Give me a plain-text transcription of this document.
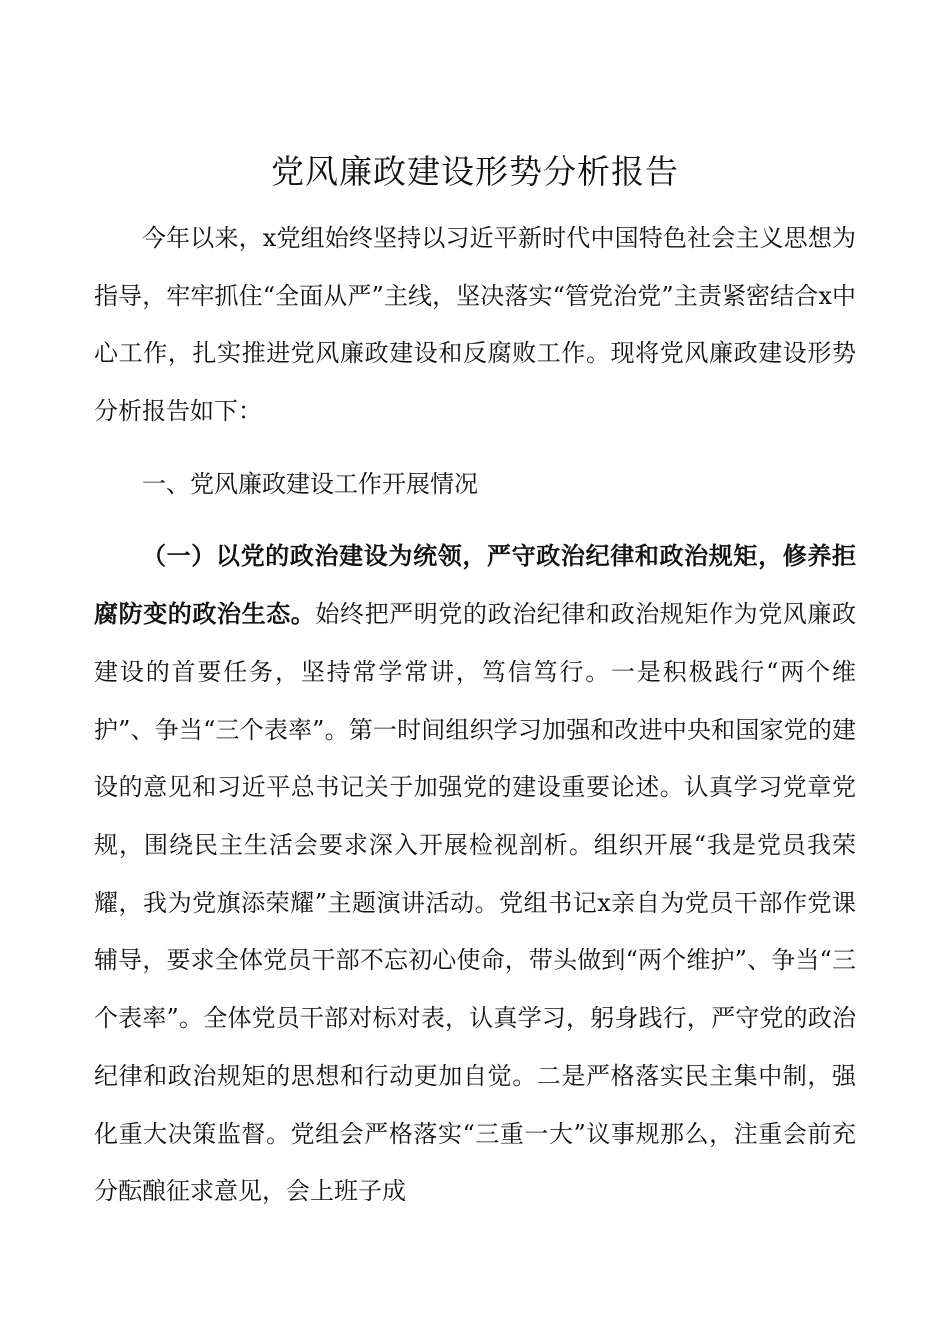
党风廉政建设形势分析报告

今年以来，x党组始终坚持以习近平新时代中国特色社会主义思想为指导，牢牢抓住“全面从严”主线，坚决落实“管党治党”主责紧密结合x中心工作，扎实推进党风廉政建设和反腐败工作。现将党风廉政建设形势分析报告如下：

一、党风廉政建设工作开展情况

（一）以党的政治建设为统领，严守政治纪律和政治规矩，修养拒腐防变的政治生态。始终把严明党的政治纪律和政治规矩作为党风廉政建设的首要任务，坚持常学常讲，笃信笃行。一是积极践行“两个维护”、争当“三个表率”。第一时间组织学习加强和改进中央和国家党的建设的意见和习近平总书记关于加强党的建设重要论述。认真学习党章党规，围绕民主生活会要求深入开展检视剖析。组织开展“我是党员我荣耀，我为党旗添荣耀”主题演讲活动。党组书记x亲自为党员干部作党课辅导，要求全体党员干部不忘初心使命，带头做到“两个维护”、争当“三个表率”。全体党员干部对标对表，认真学习，躬身践行，严守党的政治纪律和政治规矩的思想和行动更加自觉。二是严格落实民主集中制，强化重大决策监督。党组会严格落实“三重一大”议事规那么，注重会前充分酝酿征求意见，会上班子成
